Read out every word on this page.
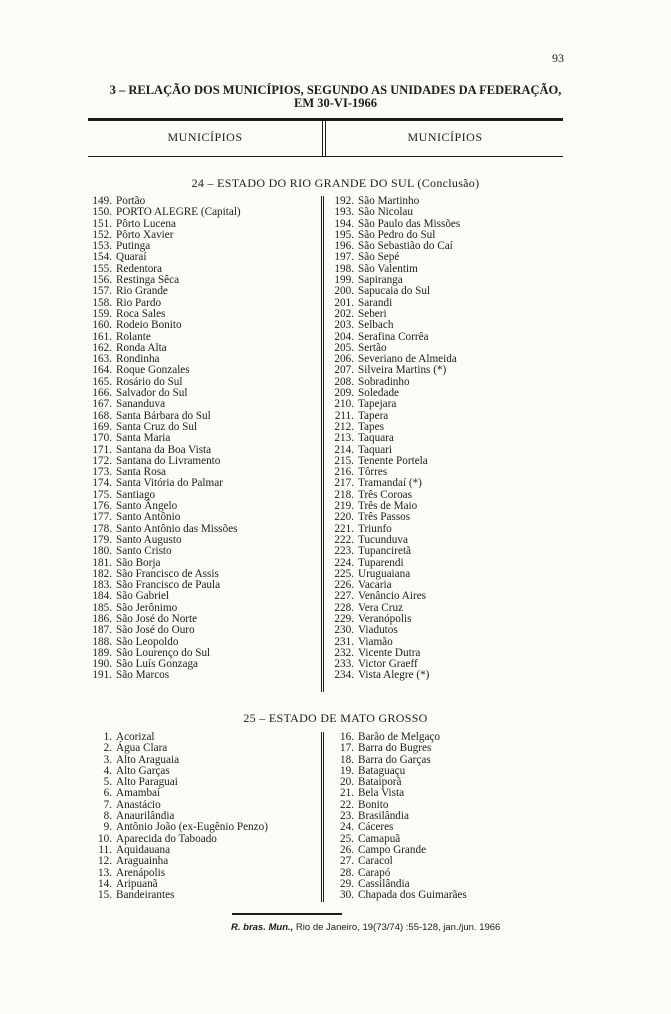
93
3 – RELAÇÃO DOS MUNICÍPIOS, SEGUNDO AS UNIDADES DA FEDERAÇÃO,
EM 30-VI-1966
MUNICÍPIOS	MUNICÍPIOS
24 – ESTADO DO RIO GRANDE DO SUL (Conclusão)
149. Portão
150. PORTO ALEGRE (Capital)
151. Pôrto Lucena
152. Pôrto Xavier
153. Putinga
154. Quaraí
155. Redentora
156. Restinga Sêca
157. Rio Grande
158. Rio Pardo
159. Roca Sales
160. Rodeio Bonito
161. Rolante
162. Ronda Alta
163. Rondinha
164. Roque Gonzales
165. Rosário do Sul
166. Salvador do Sul
167. Sananduva
168. Santa Bárbara do Sul
169. Santa Cruz do Sul
170. Santa Maria
171. Santana da Boa Vista
172. Santana do Livramento
173. Santa Rosa
174. Santa Vitória do Palmar
175. Santiago
176. Santo Ângelo
177. Santo Antônio
178. Santo Antônio das Missões
179. Santo Augusto
180. Santo Cristo
181. São Borja
182. São Francisco de Assis
183. São Francisco de Paula
184. São Gabriel
185. São Jerônimo
186. São José do Norte
187. São José do Ouro
188. São Leopoldo
189. São Lourenço do Sul
190. São Luís Gonzaga
191. São Marcos
192. São Martinho
193. São Nicolau
194. São Paulo das Missões
195. São Pedro do Sul
196. São Sebastião do Caí
197. São Sepé
198. São Valentim
199. Sapiranga
200. Sapucaia do Sul
201. Sarandi
202. Seberi
203. Selbach
204. Serafina Corrêa
205. Sertão
206. Severiano de Almeida
207. Silveira Martins (*)
208. Sobradinho
209. Soledade
210. Tapejara
211. Tapera
212. Tapes
213. Taquara
214. Taquari
215. Tenente Portela
216. Tôrres
217. Tramandaí (*)
218. Três Coroas
219. Três de Maio
220. Três Passos
221. Triunfo
222. Tucunduva
223. Tupanciretã
224. Tuparendi
225. Uruguaiana
226. Vacaria
227. Venâncio Aires
228. Vera Cruz
229. Veranópolis
230. Viadutos
231. Viamão
232. Vicente Dutra
233. Victor Graeff
234. Vista Alegre (*)
25 – ESTADO DE MATO GROSSO
1. Acorizal
2. Água Clara
3. Alto Araguaia
4. Alto Garças
5. Alto Paraguai
6. Amambaí
7. Anastácio
8. Anaurilândia
9. Antônio João (ex-Eugênio Penzo)
10. Aparecida do Taboado
11. Aquidauana
12. Araguainha
13. Arenápolis
14. Aripuanã
15. Bandeirantes
16. Barão de Melgaço
17. Barra do Bugres
18. Barra do Garças
19. Bataguaçu
20. Bataiporã
21. Bela Vista
22. Bonito
23. Brasilândia
24. Cáceres
25. Camapuã
26. Campo Grande
27. Caracol
28. Carapó
29. Cassilândia
30. Chapada dos Guimarães
R. bras. Mun., Rio de Janeiro, 19(73/74) :55-128, jan./jun. 1966
